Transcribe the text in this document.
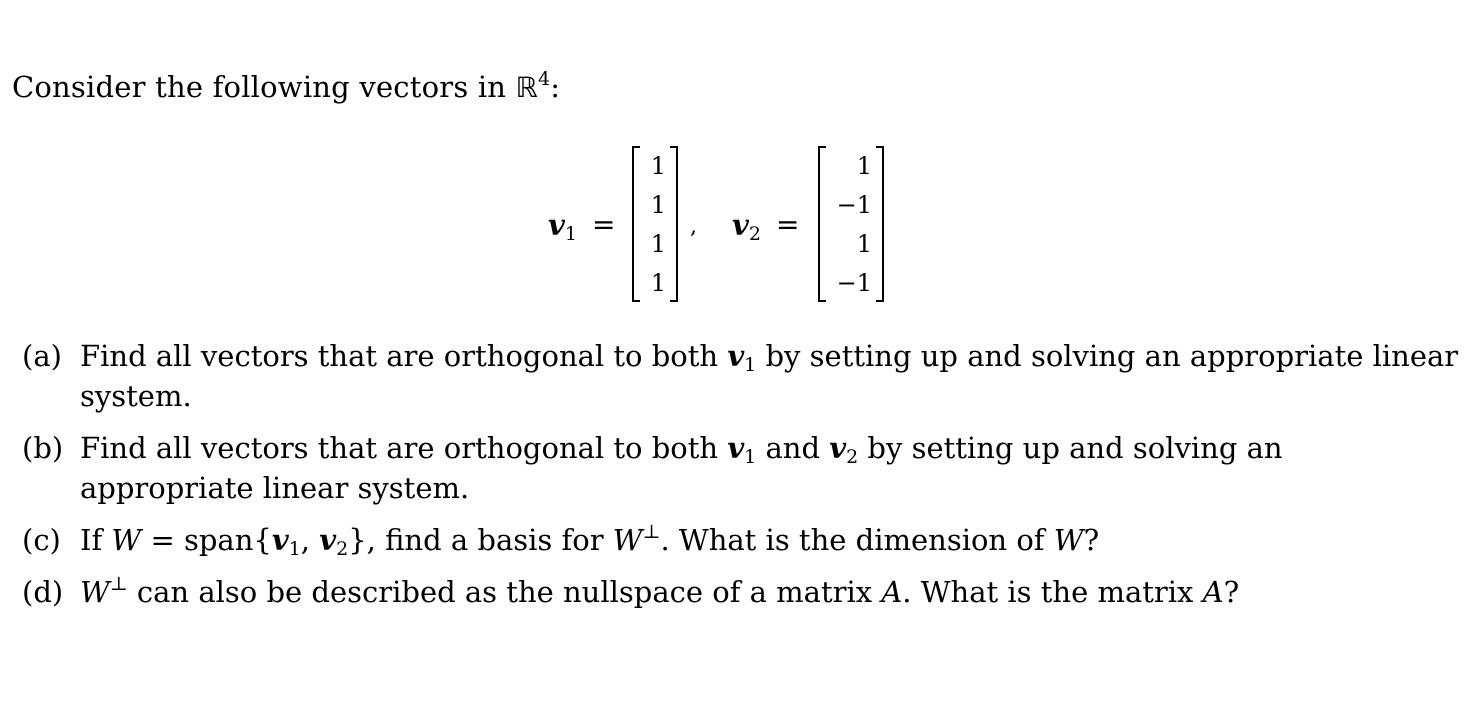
Consider the following vectors in ℝ$^4$:
$v_1$ =
1
1
1
1
, $v_2$ =
1
−1
1
−1
(a) Find all vectors that are orthogonal to both $v_1$ by setting up and solving an appropriate linear system.
(b) Find all vectors that are orthogonal to both $v_1$ and $v_2$ by setting up and solving an appropriate linear system.
(c) If $W = span\{v_1$, $v_2$}, find a basis for W⊥. What is the dimension of W?
(d) W⊥ can also be described as the nullspace of a matrix A. What is the matrix A?
